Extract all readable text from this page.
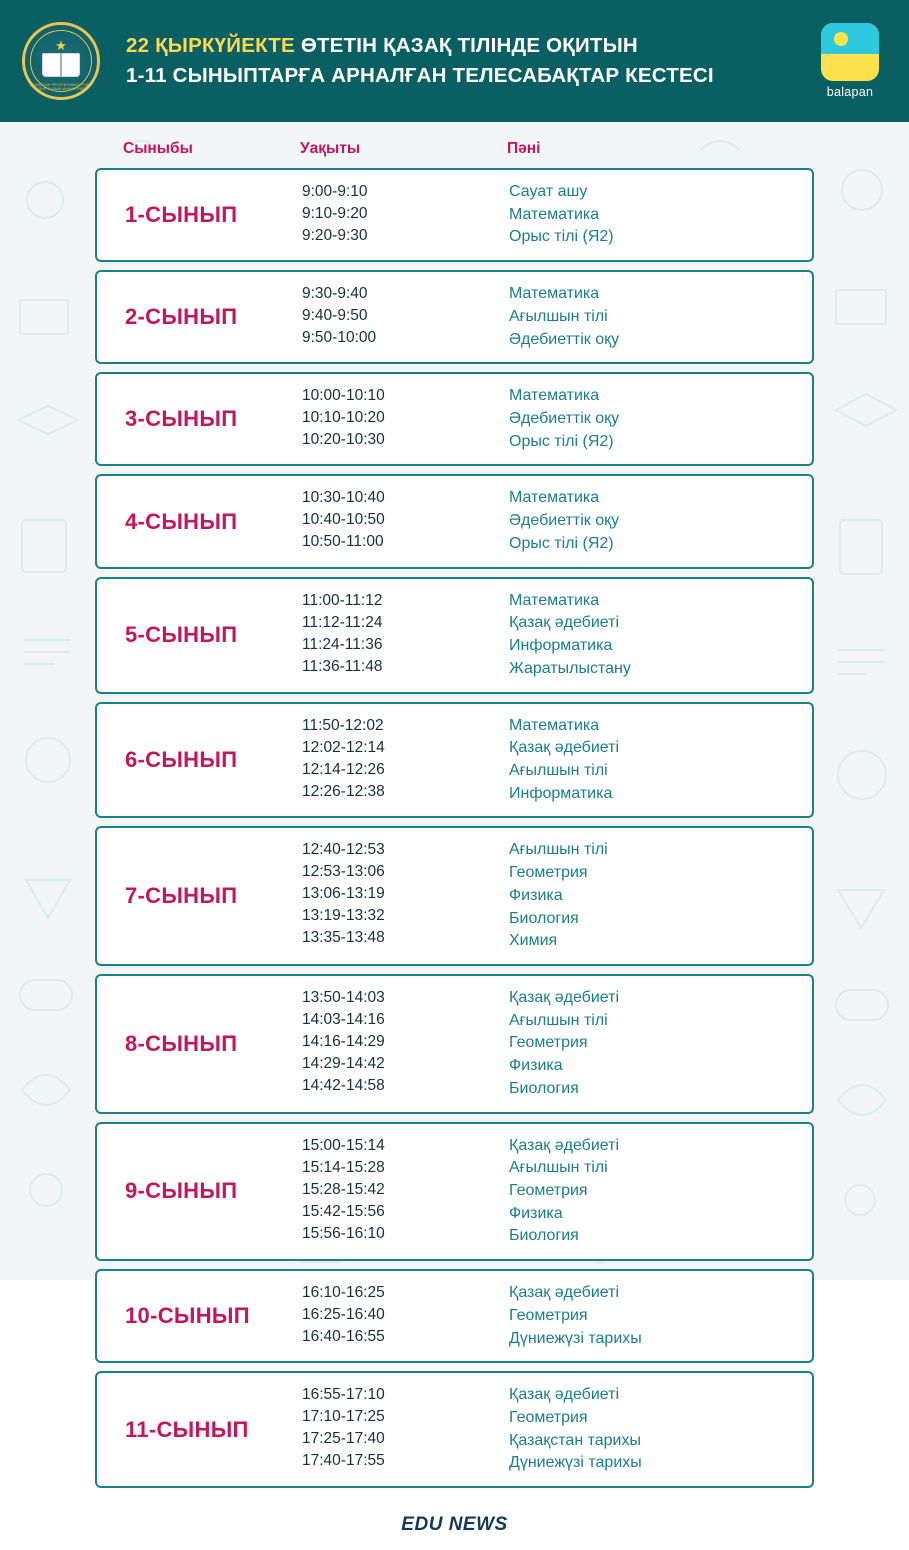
★
ҚАЗАҚСТАН РЕСПУБЛИКАСЫ БІЛІМ ЖӘНЕ ҒЫЛЫМ МИНИСТРЛІГІ
22 ҚЫРКҮЙЕКТЕ ӨТЕТІН ҚАЗАҚ ТІЛІНДЕ ОҚИТЫН
1-11 СЫНЫПТАРҒА АРНАЛҒАН ТЕЛЕСАБАҚТАР КЕСТЕСІ
balapan
Сыныбы	Уақыты	Пәні
1-СЫНЫП
9:00-9:10
9:10-9:20
9:20-9:30
Сауат ашу
Математика
Орыс тілі (Я2)
2-СЫНЫП
9:30-9:40
9:40-9:50
9:50-10:00
Математика
Ағылшын тілі
Әдебиеттік оқу
3-СЫНЫП
10:00-10:10
10:10-10:20
10:20-10:30
Математика
Әдебиеттік оқу
Орыс тілі (Я2)
4-СЫНЫП
10:30-10:40
10:40-10:50
10:50-11:00
Математика
Әдебиеттік оқу
Орыс тілі (Я2)
5-СЫНЫП
11:00-11:12
11:12-11:24
11:24-11:36
11:36-11:48
Математика
Қазақ әдебиеті
Информатика
Жаратылыстану
6-СЫНЫП
11:50-12:02
12:02-12:14
12:14-12:26
12:26-12:38
Математика
Қазақ әдебиеті
Ағылшын тілі
Информатика
7-СЫНЫП
12:40-12:53
12:53-13:06
13:06-13:19
13:19-13:32
13:35-13:48
Ағылшын тілі
Геометрия
Физика
Биология
Химия
8-СЫНЫП
13:50-14:03
14:03-14:16
14:16-14:29
14:29-14:42
14:42-14:58
Қазақ әдебиеті
Ағылшын тілі
Геометрия
Физика
Биология
9-СЫНЫП
15:00-15:14
15:14-15:28
15:28-15:42
15:42-15:56
15:56-16:10
Қазақ әдебиеті
Ағылшын тілі
Геометрия
Физика
Биология
10-СЫНЫП
16:10-16:25
16:25-16:40
16:40-16:55
Қазақ әдебиеті
Геометрия
Дүниежүзі тарихы
11-СЫНЫП
16:55-17:10
17:10-17:25
17:25-17:40
17:40-17:55
Қазақ әдебиеті
Геометрия
Қазақстан тарихы
Дүниежүзі тарихы
EDU NEWS
